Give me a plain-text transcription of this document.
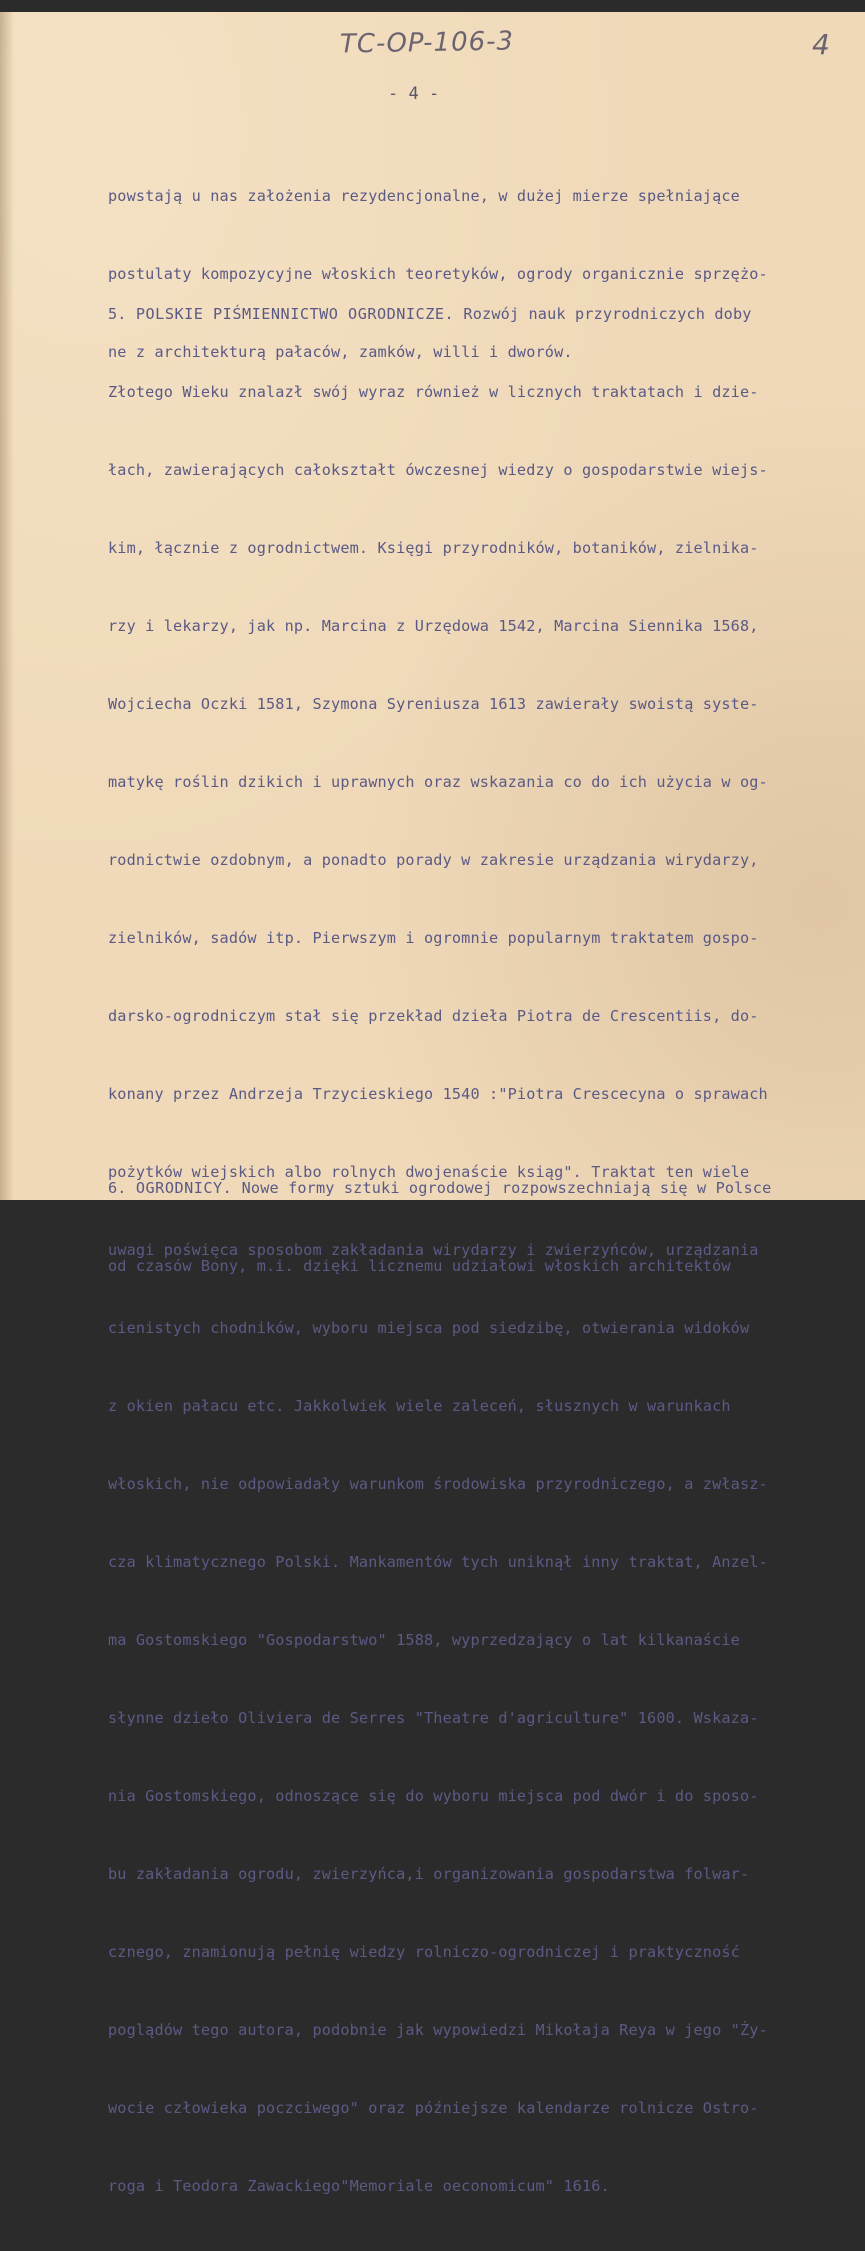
TC-OP-106-3	4
- 4 -

powstają u nas założenia rezydencjonalne, w dużej mierze spełniające

postulaty kompozycyjne włoskich teoretyków, ogrody organicznie sprzężo-

ne z architekturą pałaców, zamków, willi i dworów.

5. POLSKIE PIŚMIENNICTWO OGRODNICZE. Rozwój nauk przyrodniczych doby

Złotego Wieku znalazł swój wyraz również w licznych traktatach i dzie-

łach, zawierających całokształt ówczesnej wiedzy o gospodarstwie wiejs-

kim, łącznie z ogrodnictwem. Księgi przyrodników, botaników, zielnika-

rzy i lekarzy, jak np. Marcina z Urzędowa 1542, Marcina Siennika 1568,

Wojciecha Oczki 1581, Szymona Syreniusza 1613 zawierały swoistą syste-

matykę roślin dzikich i uprawnych oraz wskazania co do ich użycia w og-

rodnictwie ozdobnym, a ponadto porady w zakresie urządzania wirydarzy,

zielników, sadów itp. Pierwszym i ogromnie popularnym traktatem gospo-

darsko-ogrodniczym stał się przekład dzieła Piotra de Crescentiis, do-

konany przez Andrzeja Trzycieskiego 1540 :"Piotra Crescecyna o sprawach

pożytków wiejskich albo rolnych dwojenaście ksiąg". Traktat ten wiele

uwagi poświęca sposobom zakładania wirydarzy i zwierzyńców, urządzania

cienistych chodników, wyboru miejsca pod siedzibę, otwierania widoków

z okien pałacu etc. Jakkolwiek wiele zaleceń, słusznych w warunkach

włoskich, nie odpowiadały warunkom środowiska przyrodniczego, a zwłasz-

cza klimatycznego Polski. Mankamentów tych uniknął inny traktat, Anzel-

ma Gostomskiego "Gospodarstwo" 1588, wyprzedzający o lat kilkanaście

słynne dzieło Oliviera de Serres "Theatre d'agriculture" 1600. Wskaza-

nia Gostomskiego, odnoszące się do wyboru miejsca pod dwór i do sposo-

bu zakładania ogrodu, zwierzyńca,i organizowania gospodarstwa folwar-

cznego, znamionują pełnię wiedzy rolniczo-ogrodniczej i praktyczność

poglądów tego autora, podobnie jak wypowiedzi Mikołaja Reya w jego "Ży-

wocie człowieka poczciwego" oraz późniejsze kalendarze rolnicze Ostro-

roga i Teodora Zawackiego"Memoriale oeconomicum" 1616.

6. OGRODNICY. Nowe formy sztuki ogrodowej rozpowszechniają się w Polsce

od czasów Bony, m.i. dzięki licznemu udziałowi włoskich architektów
